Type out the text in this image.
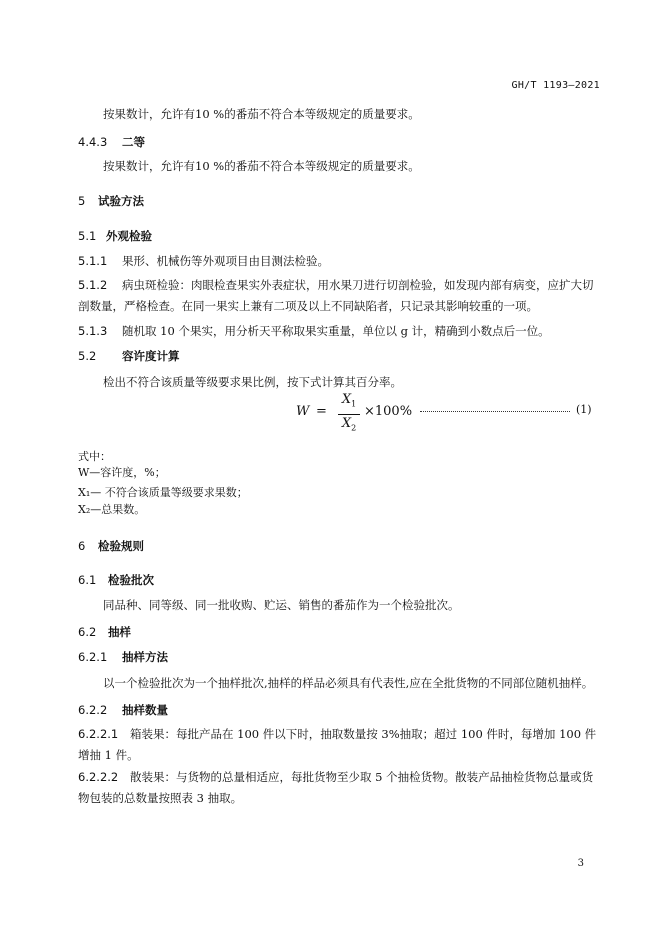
GH/T 1193—2021
按果数计，允许有10 %的番茄不符合本等级规定的质量要求。
4.4.3 二等
按果数计，允许有10 %的番茄不符合本等级规定的质量要求。
5 试验方法
5.1 外观检验
5.1.1 果形、机械伤等外观项目由目测法检验。
5.1.2 病虫斑检验：肉眼检查果实外表症状，用水果刀进行切剖检验，如发现内部有病变，应扩大切剖数量，严格检查。在同一果实上兼有二项及以上不同缺陷者，只记录其影响较重的一项。
5.1.3 随机取 10 个果实，用分析天平称取果实重量，单位以 g 计，精确到小数点后一位。
5.2 容许度计算
检出不符合该质量等级要求果比例，按下式计算其百分率。
W =
$X_1$
$X_2$
×100%	(1)
式中：
W—容许度，%；
X₁— 不符合该质量等级要求果数；
X₂—总果数。
6 检验规则
6.1 检验批次
同品种、同等级、同一批收购、贮运、销售的番茄作为一个检验批次。
6.2 抽样
6.2.1 抽样方法
以一个检验批次为一个抽样批次,抽样的样品必须具有代表性,应在全批货物的不同部位随机抽样。
6.2.2 抽样数量
6.2.2.1 箱装果：每批产品在 100 件以下时，抽取数量按 3%抽取；超过 100 件时，每增加 100 件增抽 1 件。
6.2.2.2 散装果：与货物的总量相适应，每批货物至少取 5 个抽检货物。散装产品抽检货物总量或货物包装的总数量按照表 3 抽取。
3
